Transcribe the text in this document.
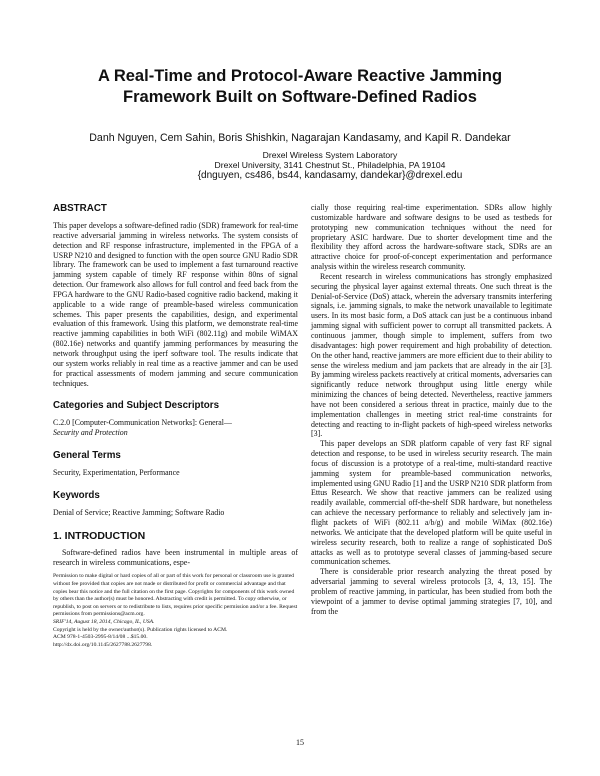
A Real-Time and Protocol-Aware Reactive Jamming
Framework Built on Software-Defined Radios
Danh Nguyen, Cem Sahin, Boris Shishkin, Nagarajan Kandasamy, and Kapil R. Dandekar
Drexel Wireless System Laboratory
Drexel University, 3141 Chestnut St., Philadelphia, PA 19104
{dnguyen, cs486, bs44, kandasamy, dandekar}@drexel.edu
ABSTRACT

This paper develops a software-defined radio (SDR) framework for real-time reactive adversarial jamming in wireless networks. The system consists of detection and RF response infrastructure, implemented in the FPGA of a USRP N210 and designed to function with the open source GNU Radio SDR library. The framework can be used to implement a fast turnaround reactive jamming system capable of timely RF response within 80ns of signal detection. Our framework also allows for full control and feed back from the FPGA hardware to the GNU Radio-based cognitive radio backend, making it applicable to a wide range of preamble-based wireless communication schemes. This paper presents the capabilities, design, and experimental evaluation of this framework. Using this platform, we demonstrate real-time reactive jamming capabilities in both WiFi (802.11g) and mobile WiMAX (802.16e) networks and quantify jamming performances by measuring the network throughput using the iperf software tool. The results indicate that our system works reliably in real time as a reactive jammer and can be used for practical assessments of modern jamming and secure communication techniques.

Categories and Subject Descriptors

C.2.0 [Computer-Communication Networks]: General—

Security and Protection

General Terms

Security, Experimentation, Performance

Keywords

Denial of Service; Reactive Jamming; Software Radio

1. INTRODUCTION

Software-defined radios have been instrumental in multiple areas of research in wireless communications, espe-

Permission to make digital or hard copies of all or part of this work for personal or classroom use is granted without fee provided that copies are not made or distributed for profit or commercial advantage and that copies bear this notice and the full citation on the first page. Copyrights for components of this work owned by others than the author(s) must be honored. Abstracting with credit is permitted. To copy otherwise, or republish, to post on servers or to redistribute to lists, requires prior specific permission and/or a fee. Request permissions from permissions@acm.org.
SRIF'14, August 18, 2014, Chicago, IL, USA.
Copyright is held by the owner/author(s). Publication rights licensed to ACM.
ACM 978-1-4503-2995-8/14/08 ...$15.00.
http://dx.doi.org/10.1145/2627788.2627798.

cially those requiring real-time experimentation. SDRs allow highly customizable hardware and software designs to be used as testbeds for prototyping new communication techniques without the need for proprietary ASIC hardware. Due to shorter development time and the flexibility they afford across the hardware-software stack, SDRs are an attractive choice for proof-of-concept experimentation and performance analysis within the wireless research community.

Recent research in wireless communications has strongly emphasized securing the physical layer against external threats. One such threat is the Denial-of-Service (DoS) attack, wherein the adversary transmits interfering signals, i.e. jamming signals, to make the network unavailable to legitimate users. In its most basic form, a DoS attack can just be a continuous inband jamming signal with sufficient power to corrupt all transmitted packets. A continuous jammer, though simple to implement, suffers from two disadvantages: high power requirement and high probability of detection. On the other hand, reactive jammers are more efficient due to their ability to sense the wireless medium and jam packets that are already in the air [3]. By jamming wireless packets reactively at critical moments, adversaries can significantly reduce network throughput using little energy while minimizing the chances of being detected. Nevertheless, reactive jammers have not been considered a serious threat in practice, mainly due to the implementation challenges in meeting strict real-time constraints for detecting and reacting to in-flight packets of high-speed wireless networks [3].

This paper develops an SDR platform capable of very fast RF signal detection and response, to be used in wireless security research. The main focus of discussion is a prototype of a real-time, multi-standard reactive jamming system for preamble-based communication networks, implemented using GNU Radio [1] and the USRP N210 SDR platform from Ettus Research. We show that reactive jammers can be realized using readily available, commercial off-the-shelf SDR hardware, but nonetheless can achieve the necessary performance to reliably and selectively jam in-flight packets of WiFi (802.11 a/b/g) and mobile WiMax (802.16e) networks. We anticipate that the developed platform will be quite useful in wireless security research, both to realize a range of sophisticated DoS attacks as well as to prototype several classes of jamming-based secure communication schemes.

There is considerable prior research analyzing the threat posed by adversarial jamming to several wireless protocols [3, 4, 13, 15]. The problem of reactive jamming, in particular, has been studied from both the viewpoint of a jammer to devise optimal jamming strategies [7, 10], and from the

15
